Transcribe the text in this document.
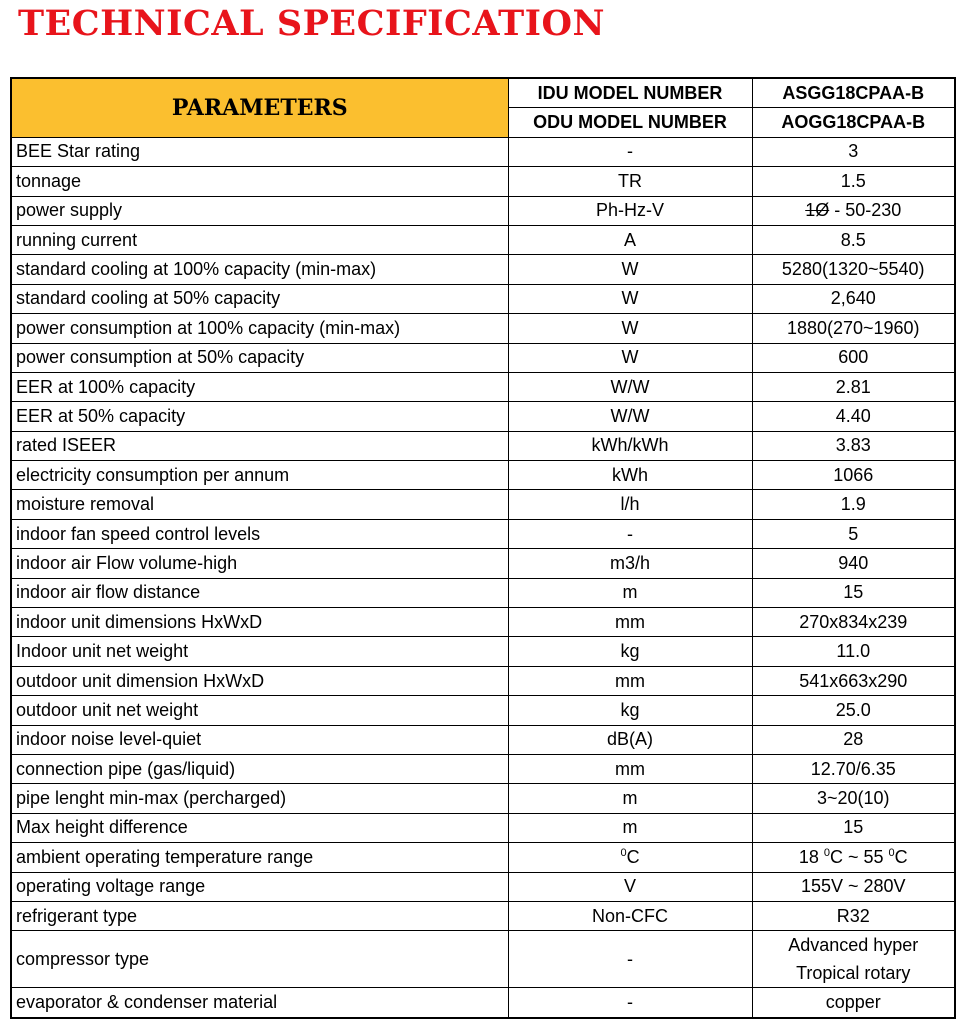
TECHNICAL SPECIFICATION
PARAMETERS	IDU MODEL NUMBER	ASGG18CPAA-B
	ODU MODEL NUMBER	AOGG18CPAA-B
BEE Star rating	-	3
tonnage	TR	1.5
power supply	Ph-Hz-V	1Ø - 50-230
running current	A	8.5
standard cooling at 100% capacity (min-max)	W	5280(1320~5540)
standard cooling at 50% capacity	W	2,640
power consumption at 100% capacity (min-max)	W	1880(270~1960)
power consumption at 50% capacity	W	600
EER at 100% capacity	W/W	2.81
EER at 50% capacity	W/W	4.40
rated ISEER	kWh/kWh	3.83
electricity consumption per annum	kWh	1066
moisture removal	l/h	1.9
indoor fan speed control levels	-	5
indoor air Flow volume-high	m3/h	940
indoor air flow distance	m	15
indoor unit dimensions HxWxD	mm	270x834x239
Indoor unit net weight	kg	11.0
outdoor unit dimension HxWxD	mm	541x663x290
outdoor unit net weight	kg	25.0
indoor noise level-quiet	dB(A)	28
connection pipe (gas/liquid)	mm	12.70/6.35
pipe lenght min-max (percharged)	m	3~20(10)
Max height difference	m	15
ambient operating temperature range	$^0$C	18 $^0$C ~ 55 $^0$C
operating voltage range	V	155V ~ 280V
refrigerant type	Non-CFC	R32
compressor type	-	Advanced hyper
Tropical rotary

evaporator & condenser material	-	copper
